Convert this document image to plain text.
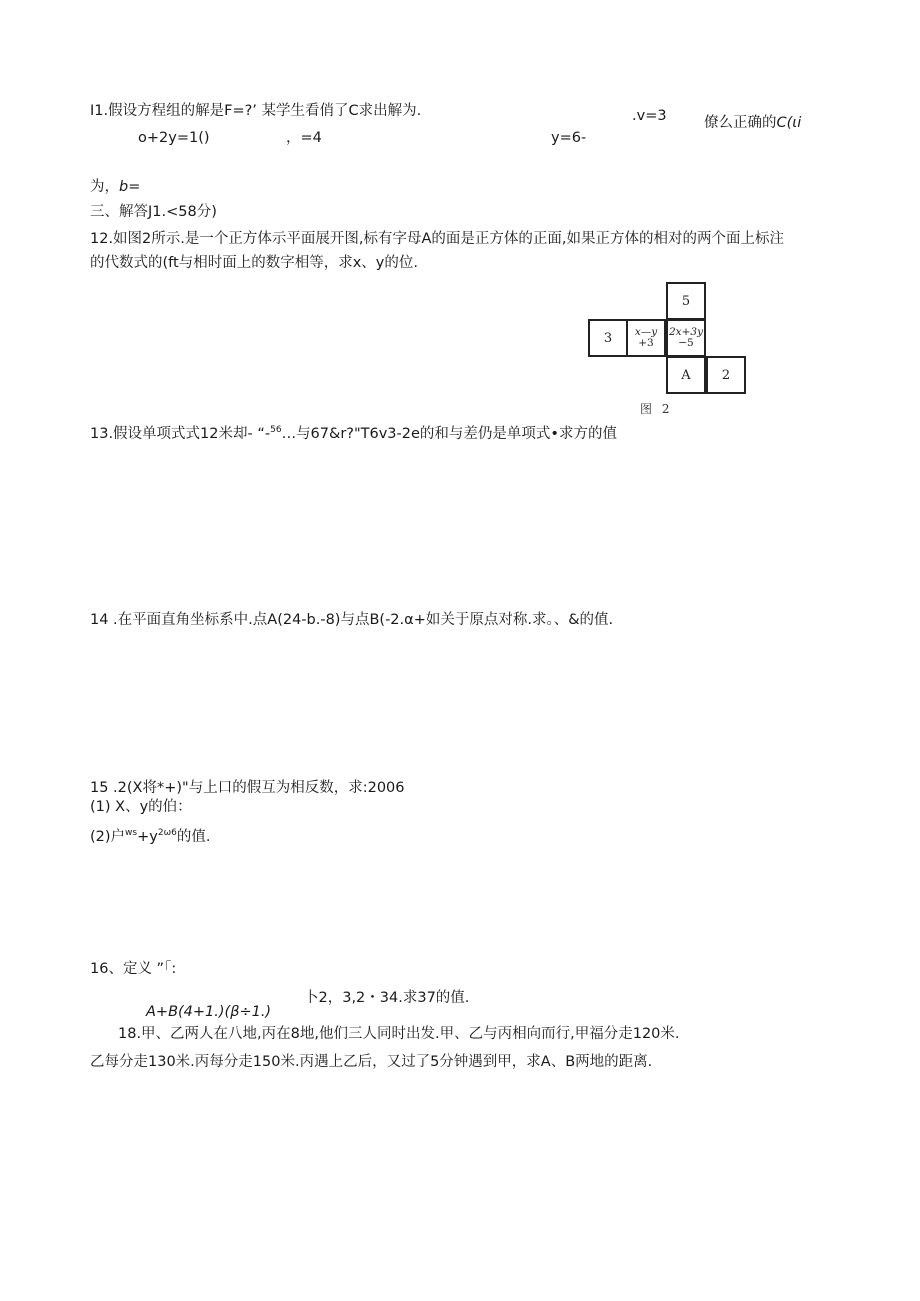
I1.假设方程组的解是F=?’ 某学生看俏了C求出解为.	.v=3	僚么正确的C(ιi
o+2y=1()	，=4	y=6-
为，b=
三、解答J1.<58分)
12.如图2所示.是一个正方体示平面展开图,标有字母A的面是正方体的正面,如果正方体的相对的两个面上标注
的代数式的(ft与相时面上的数字相等，求x、y的位.
5
3	x—y
+3
2x+3y
−5
A	2
图 2
13.假设单项式式12米却- “-$^{56}$…与67&r?"T6v3-2e的和与差仍是单项式•求方的值
14 .在平面直角坐标系中.点A(24-b.-8)与点B(-2.α+如关于原点对称.求。、&的值.
15 .2(X将*+)"与上口的假互为相反数，求:2006
(1) X、y的伯：
(2)户$^{ws}+y^{2\omega 6}$的值.
16、定义 ”「:
卜2，3,2・34.求37的值.
A+B(4+1.)(β÷1.)
18.甲、乙两人在八地,丙在8地,他们三人同时出发.甲、乙与丙相向而行,甲福分走120米.
乙每分走130米.丙每分走150米.丙遇上乙后，又过了5分钟遇到甲，求A、B两地的距离.
